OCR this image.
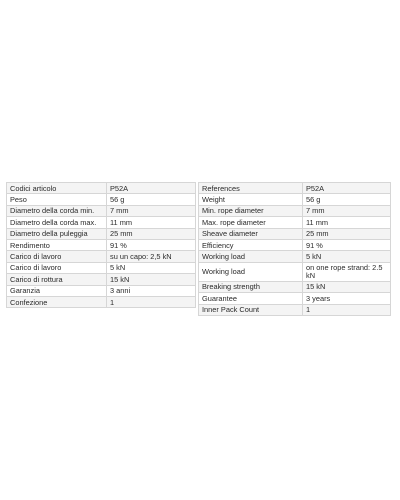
Codici articolo	P52A
Peso	56 g
Diametro della corda min.	7 mm
Diametro della corda max.	11 mm
Diametro della puleggia	25 mm
Rendimento	91 %
Carico di lavoro	su un capo: 2,5 kN
Carico di lavoro	5 kN
Carico di rottura	15 kN
Garanzia	3 anni
Confezione	1
References	P52A
Weight	56 g
Min. rope diameter	7 mm
Max. rope diameter	11 mm
Sheave diameter	25 mm
Efficiency	91 %
Working load	5 kN
Working load	on one rope strand: 2.5 kN
Breaking strength	15 kN
Guarantee	3 years
Inner Pack Count	1
